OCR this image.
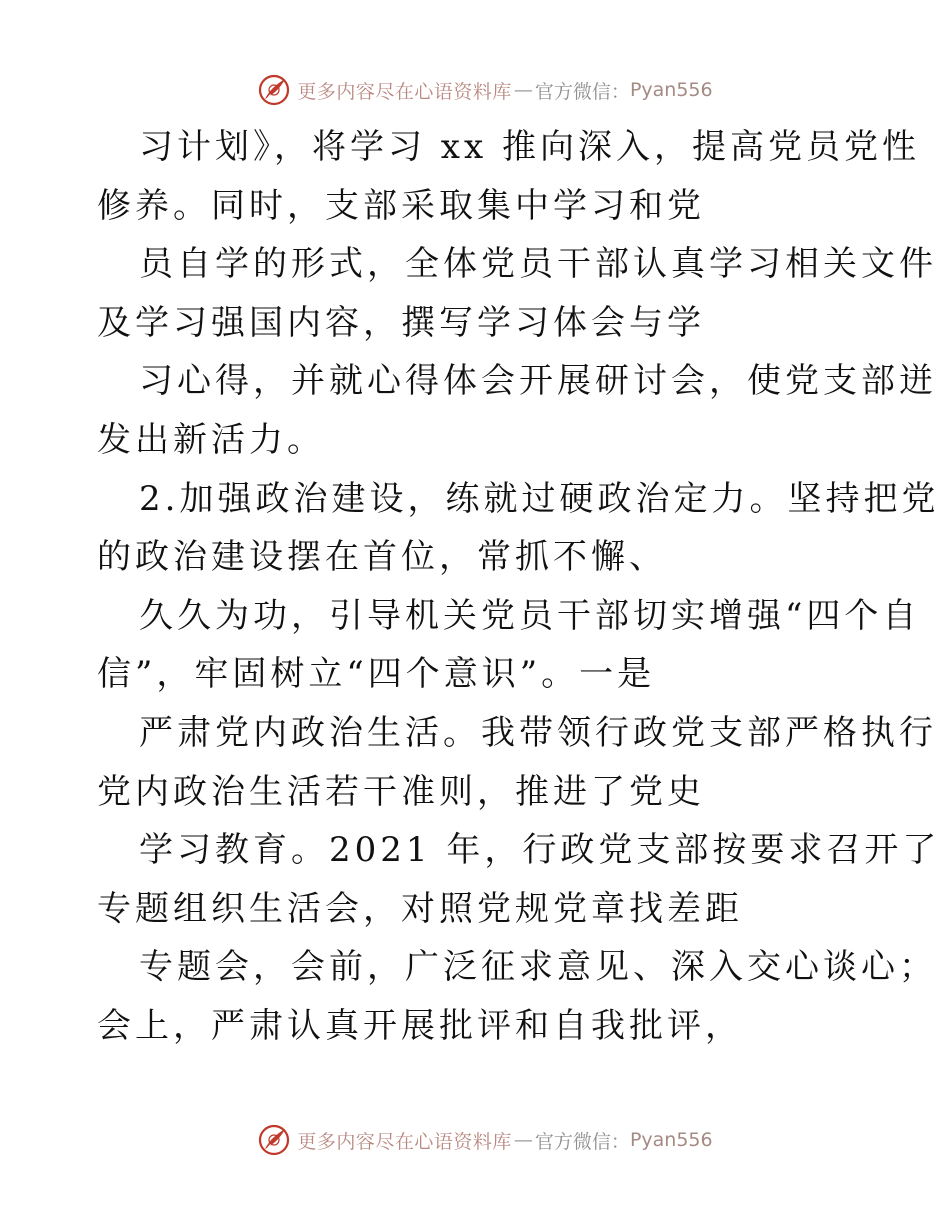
更多内容尽在心语资料库 — 官方微信： Pyan556
习计划》，将学习 xx 推向深入，提高党员党性
修养。同时，支部采取集中学习和党
员自学的形式，全体党员干部认真学习相关文件
及学习强国内容，撰写学习体会与学
习心得，并就心得体会开展研讨会，使党支部迸
发出新活力。
2.加强政治建设，练就过硬政治定力。坚持把党
的政治建设摆在首位，常抓不懈、
久久为功，引导机关党员干部切实增强“四个自
信”，牢固树立“四个意识”。一是
严肃党内政治生活。我带领行政党支部严格执行
党内政治生活若干准则，推进了党史
学习教育。2021 年，行政党支部按要求召开了
专题组织生活会，对照党规党章找差距
专题会，会前，广泛征求意见、深入交心谈心；
会上，严肃认真开展批评和自我批评，
更多内容尽在心语资料库 — 官方微信： Pyan556
